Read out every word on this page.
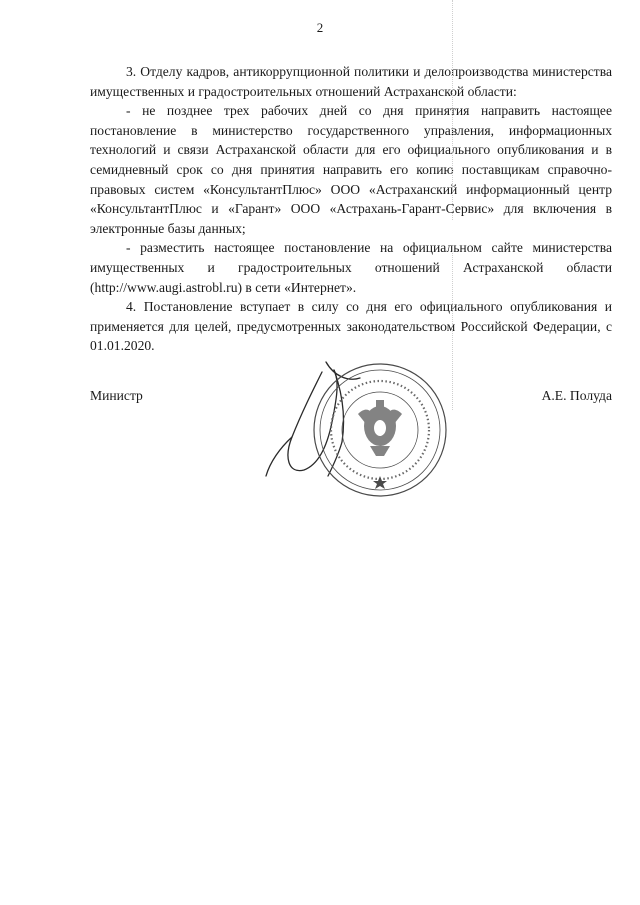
2

3. Отделу кадров, антикоррупционной политики и делопроизводства министерства имущественных и градостроительных отношений Астраханской области:

- не позднее трех рабочих дней со дня принятия направить настоящее постановление в министерство государственного управления, информационных технологий и связи Астраханской области для его официального опубликования и в семидневный срок со дня принятия направить его копию поставщикам справочно-правовых систем «КонсультантПлюс» ООО «Астраханский информационный центр «КонсультантПлюс и «Гарант» ООО «Астрахань-Гарант-Сервис» для включения в электронные базы данных;

- разместить настоящее постановление на официальном сайте министерства имущественных и градостроительных отношений Астраханской области (http://www.augi.astrobl.ru) в сети «Интернет».

4. Постановление вступает в силу со дня его официального опубликования и применяется для целей, предусмотренных законодательством Российской Федерации, с 01.01.2020.

Министр	А.Е. Полуда
